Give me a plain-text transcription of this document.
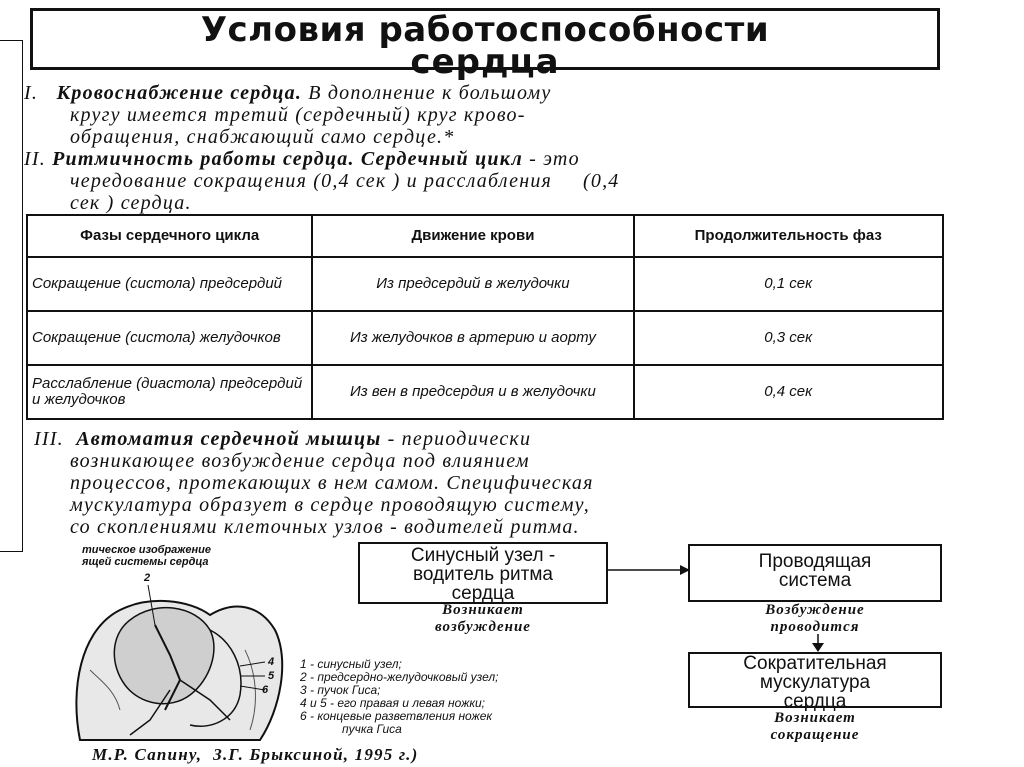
Условия работоспособности
сердца
I. Кровоснабжение сердца. В дополнение к большому
кругу имеется третий (сердечный) круг крово-
обращения, снабжающий само сердце.*
II. Ритмичность работы сердца. Сердечный цикл - это
чередование сокращения (0,4 сек ) и расслабления     (0,4
сек ) сердца.
Фазы сердечного цикла	Движение крови	Продолжительность фаз
Сокращение (систола) предсердий	Из предсердий в желудочки	0,1 сек
Сокращение (систола) желудочков	Из желудочков в артерию и аорту	0,3 сек
Расслабление (диастола) предсердий и желудочков	Из вен в предсердия и в желудочки	0,4 сек
III. Автоматия сердечной мышцы - периодически
возникающее возбуждение сердца под влиянием
процессов, протекающих в нем самом. Специфическая
мускулатура образует в сердце проводящую систему,
со скоплениями клеточных узлов - водителей ритма.
тическое изображение
ящей системы сердца
2
4
5
6
1 - синусный узел;
2 - предсердно-желудочковый узел;
3 - пучок Гиса;
4 и 5 - его правая и левая ножки;
6 - концевые разветвления ножек
пучка Гиса
М.Р. Сапину,  З.Г. Брыксиной, 1995 г.)
Синусный узел -
водитель ритма
сердца
Возникает
возбуждение
Проводящая
система
Возбуждение
проводится
Сократительная
мускулатура
сердца
Возникает
сокращение
